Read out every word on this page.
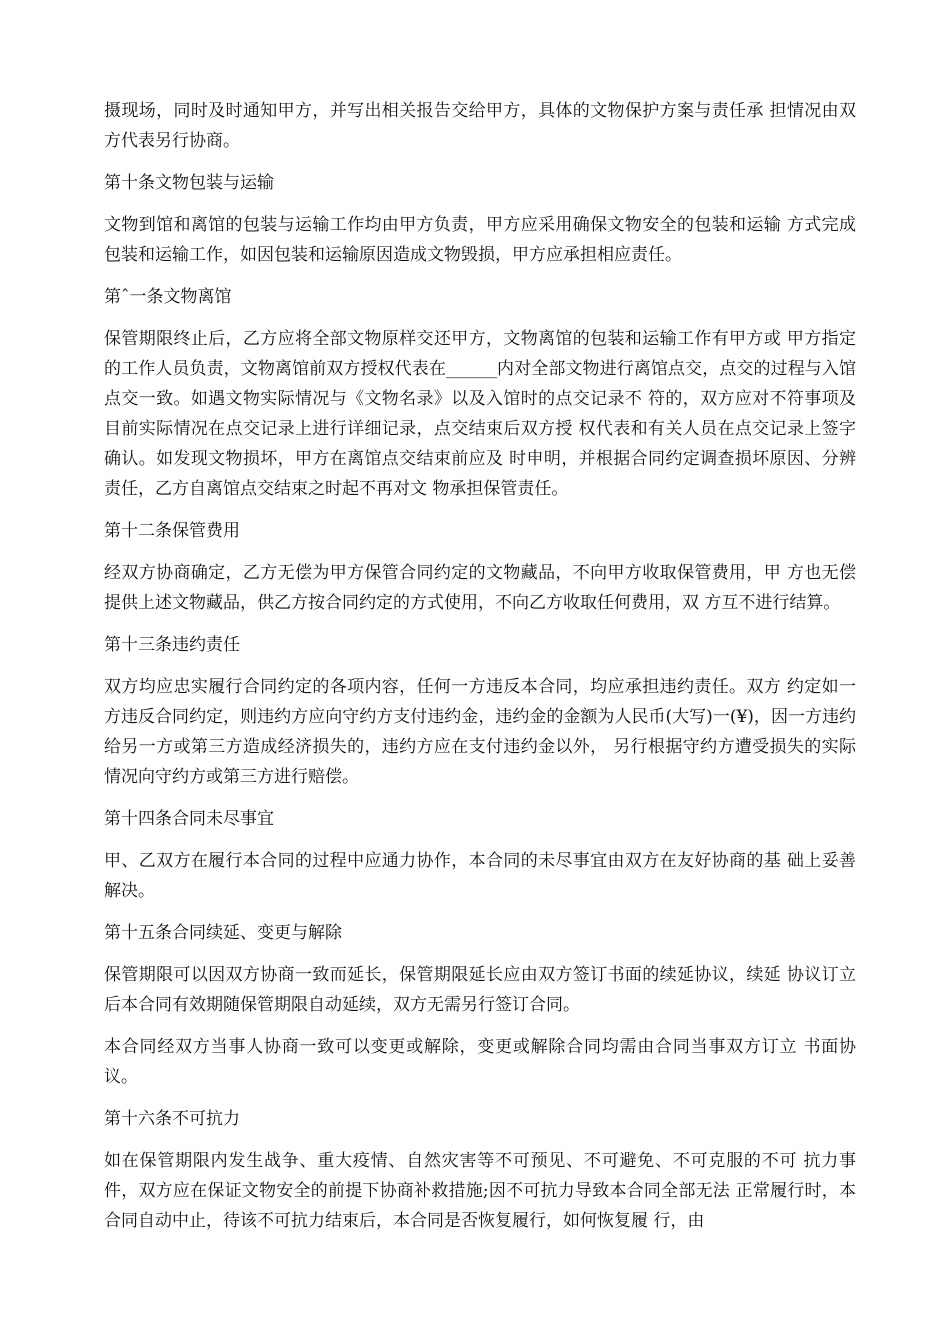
摄现场，同时及时通知甲方，并写出相关报告交给甲方，具体的文物保护方案与责任承 担情况由双方代表另行协商。

第十条文物包装与运输

文物到馆和离馆的包装与运输工作均由甲方负责，甲方应采用确保文物安全的包装和运输 方式完成包装和运输工作，如因包装和运输原因造成文物毁损，甲方应承担相应责任。

第ˆ一条文物离馆

保管期限终止后，乙方应将全部文物原样交还甲方，文物离馆的包装和运输工作有甲方或 甲方指定的工作人员负责，文物离馆前双方授权代表在______内对全部文物进行离馆点交，点交的过程与入馆点交一致。如遇文物实际情况与《文物名录》以及入馆时的点交记录不 符的，双方应对不符事项及目前实际情况在点交记录上进行详细记录，点交结束后双方授 权代表和有关人员在点交记录上签字确认。如发现文物损坏，甲方在离馆点交结束前应及 时申明，并根据合同约定调查损坏原因、分辨责任，乙方自离馆点交结束之时起不再对文 物承担保管责任。

第十二条保管费用

经双方协商确定，乙方无偿为甲方保管合同约定的文物藏品，不向甲方收取保管费用，甲 方也无偿提供上述文物藏品，供乙方按合同约定的方式使用，不向乙方收取任何费用，双 方互不进行结算。

第十三条违约责任

双方均应忠实履行合同约定的各项内容，任何一方违反本合同，均应承担违约责任。双方 约定如一方违反合同约定，则违约方应向守约方支付违约金，违约金的金额为人民币(大写)一(¥)，因一方违约给另一方或第三方造成经济损失的，违约方应在支付违约金以外， 另行根据守约方遭受损失的实际情况向守约方或第三方进行赔偿。

第十四条合同未尽事宜

甲、乙双方在履行本合同的过程中应通力协作，本合同的未尽事宜由双方在友好协商的基 础上妥善解决。

第十五条合同续延、变更与解除

保管期限可以因双方协商一致而延长，保管期限延长应由双方签订书面的续延协议，续延 协议订立后本合同有效期随保管期限自动延续，双方无需另行签订合同。

本合同经双方当事人协商一致可以变更或解除，变更或解除合同均需由合同当事双方订立 书面协议。

第十六条不可抗力

如在保管期限内发生战争、重大疫情、自然灾害等不可预见、不可避免、不可克服的不可 抗力事件，双方应在保证文物安全的前提下协商补救措施;因不可抗力导致本合同全部无法 正常履行时，本合同自动中止，待该不可抗力结束后，本合同是否恢复履行，如何恢复履 行，由
